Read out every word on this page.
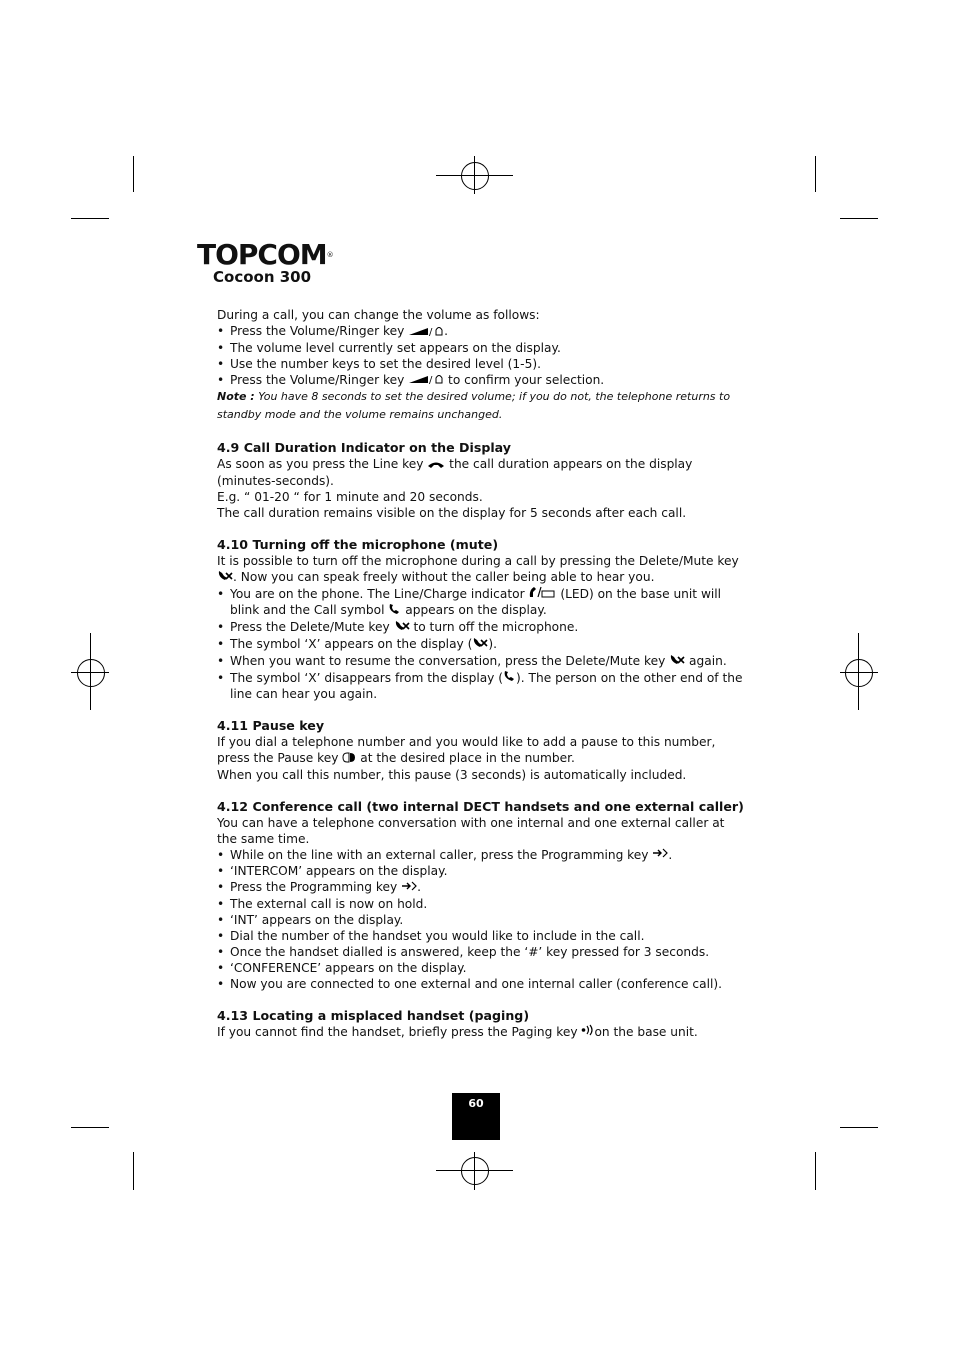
TOPCOM®
Cocoon 300

During a call, you can change the volume as follows:

• Press the Volume/Ringer key / .
• The volume level currently set appears on the display.
• Use the number keys to set the desired level (1-5).
• Press the Volume/Ringer key / to confirm your selection.

Note : You have 8 seconds to set the desired volume; if you do not, the telephone returns to standby mode and the volume remains unchanged.

4.9 Call Duration Indicator on the Display

As soon as you press the Line key  the call duration appears on the display (minutes-seconds).

E.g. “ 01-20 “ for 1 minute and 20 seconds.

The call duration remains visible on the display for 5 seconds after each call.

4.10 Turning off the microphone (mute)

It is possible to turn off the microphone during a call by pressing the Delete/Mute key . Now you can speak freely without the caller being able to hear you.

• You are on the phone. The Line/Charge indicator	(LED) on the base unit will blink and the Call symbol  appears on the display.
• Press the Delete/Mute key  to turn off the microphone.
• The symbol ‘X’ appears on the display ( ).
• When you want to resume the conversation, press the Delete/Mute key  again.
• The symbol ‘X’ disappears from the display ( ). The person on the other end of the line can hear you again.
4.11 Pause key

If you dial a telephone number and you would like to add a pause to this number, press the Pause key  at the desired place in the number.

When you call this number, this pause (3 seconds) is automatically included.

4.12 Conference call (two internal DECT handsets and one external caller)

You can have a telephone conversation with one internal and one external caller at the same time.

• While on the line with an external caller, press the Programming key .
• ‘INTERCOM’ appears on the display.
• Press the Programming key .
• The external call is now on hold.
• ‘INT’ appears on the display.
• Dial the number of the handset you would like to include in the call.
• Once the handset dialled is answered, keep the ‘#’ key pressed for 3 seconds.
• ‘CONFERENCE’ appears on the display.
• Now you are connected to one external and one internal caller (conference call).
4.13 Locating a misplaced handset (paging)

If you cannot find the handset, briefly press the Paging key on the base unit.

60
